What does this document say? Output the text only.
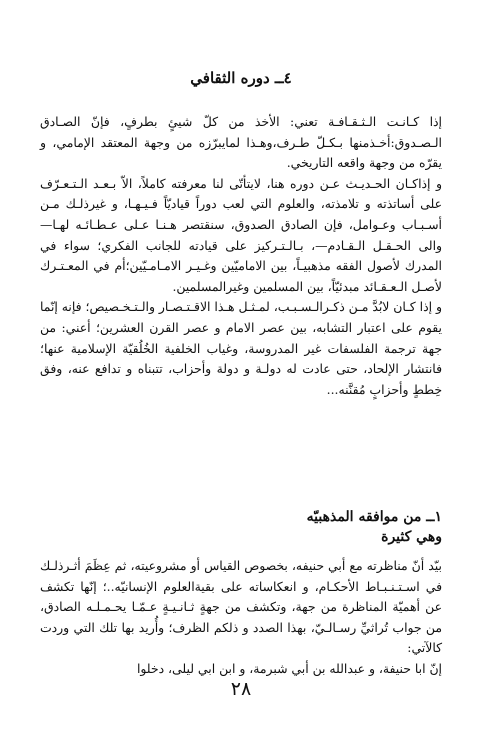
٤ــ دوره الثقافي

إذا كـانـت الـثـقـافـة تعني: الأخذ من كلّ شيئٍ بطرفٍ، فإنّ الصـادق الـصـدوق:أخـذمنها بـكـلّ طـرف،وهـذا لمايبرّزه من وجهة المعتقد الإمامي، و يقرّه من وجهة واقعه التاريخي.

و إذاكـان الحـديـث عـن دوره هنا، لايتأتّى لنا معرفته كاملاً، الاّ بـعـد الـتـعـرّف على أساتذته و تلامذته، والعلوم التي لعب دوراً قياديّاً فـيـهـا، و غيرذلـك مـن أسـبـاب وعـوامل، فإن الصادق الصدوق، سنقتصر هـنـا عـلى عـطـائـه لهـا— والى الحـقـل الـقـادم—، بـالـتـركيز على قيادته للجانب الفكري؛ سواء في المدرك لأصول الفقه مذهبيـاً، بين الاماميّين وغـيـر الامـامـيّين؛أم في المعـتـرك لأصـل الـعـقـائد مبدئيّاً، بين المسلمين وغيرالمسلمين.

و إذا كـان لابُدَّ مـن ذكـرالـسـبـب، لمـثـل هـذا الاقـتـصـار والـتـخـصيص؛ فإنه إنّما يقوم على اعتبار التشابه، بين عصر الامام و عصر القرن العشرين؛ أعني: من جهة ترجمة الفلسفات غير المدروسة، وغياب الخلفية الخُلُقيّة الإسلامية عنها؛ فانتشار الإلحاد، حتى عادت له دولـة و دولة وأحزاب، تتبناه و تدافع عنه، وفق خِططٍ وأحزابٍ مُقنَّنه...

١ــ من موافقه المذهبيّه
وهي كثيرة

بيّد أنّ مناظرته مع أبي حنيفه، بخصوص القياس أو مشروعيته، ثم عِظَمَ أثـرذلـك في اسـتـنـبـاط الأحكـام، و انعكاساته على بقيةالعلوم الإنسانيّه..؛ إنّها تكشف عن أهميّة المناظرة من جهة، وتكشف من جهةٍ ثـانـيـةٍ عـمّـا يحـمـلـه الصادق، من جواب تُراثيِّ رسـالـيّ، بهذا الصدد و ذلكم الظرف؛ وأُريد بها تلك التي وردت كالآتي:

إنّ ابا حنيفة، و عبدالله بن أبي شبرمة، و ابن ابي ليلى، دخلوا

٢٨
